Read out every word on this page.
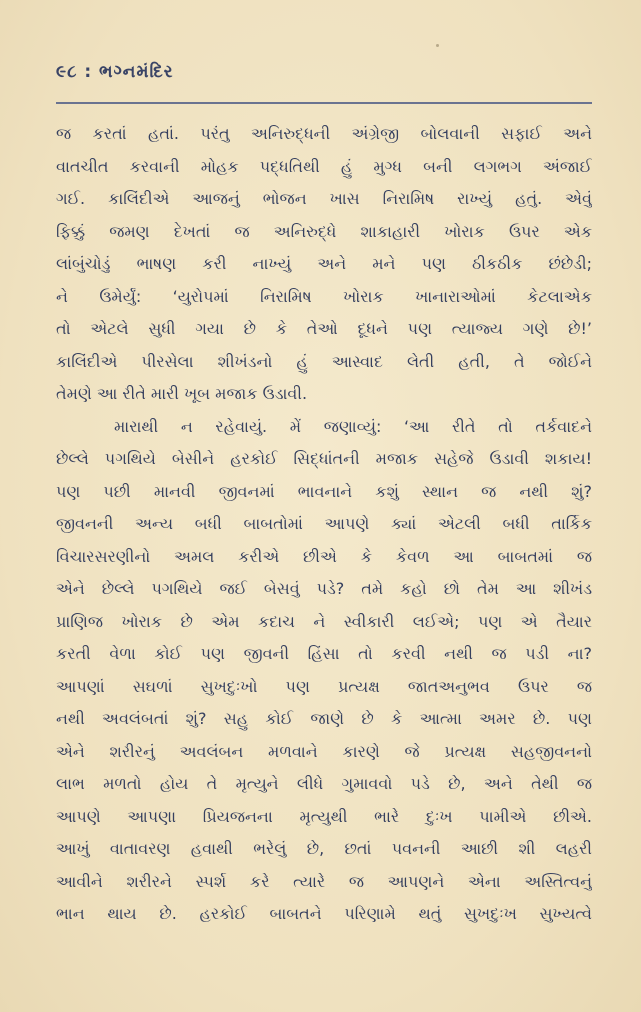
૯૮ : ભગ્નમંદિર
જ કરતાં હતાં. પરંતુ અનિરુદ્ધની અંગ્રેજી બોલવાની સફાઈ અને
વાતચીત કરવાની મોહક પદ્ધતિથી હું મુગ્ધ બની લગભગ અંજાઈ
ગઈ. કાલિંદીએ આજનું ભોજન ખાસ નિરામિષ રાખ્યું હતું. એવું
ફિક્કું જમણ દેખતાં જ અનિરુદ્ધે શાકાહારી ખોરાક ઉપર એક
લાંબુંચોડું ભાષણ કરી નાખ્યું અને મને પણ ઠીકઠીક છંછેડી;
ને ઉમેર્યું: ‘યુરોપમાં નિરામિષ ખોરાક ખાનારાઓમાં કેટલાએક
તો એટલે સુધી ગયા છે કે તેઓ દૂધને પણ ત્યાજ્ય ગણે છે!’
કાલિંદીએ પીરસેલા શીખંડનો હું આસ્વાદ લેતી હતી, તે જોઈને
તેમણે આ રીતે મારી ખૂબ મજાક ઉડાવી.
મારાથી ન રહેવાયું. મેં જણાવ્યું: ‘આ રીતે તો તર્કવાદને
છેલ્લે પગથિયે બેસીને હરકોઈ સિદ્ધાંતની મજાક સહેજે ઉડાવી શકાય!
પણ પછી માનવી જીવનમાં ભાવનાને કશું સ્થાન જ નથી શું?
જીવનની અન્ય બધી બાબતોમાં આપણે ક્યાં એટલી બધી તાર્કિક
વિચારસરણીનો અમલ કરીએ છીએ કે કેવળ આ બાબતમાં જ
એને છેલ્લે પગથિયે જઈ બેસવું પડે? તમે કહો છો તેમ આ શીખંડ
પ્રાણિજ ખોરાક છે એમ કદાચ ને સ્વીકારી લઈએ; પણ એ તૈયાર
કરતી વેળા કોઈ પણ જીવની હિંસા તો કરવી નથી જ પડી ના?
આપણાં સઘળાં સુખદુઃખો પણ પ્રત્યક્ષ જાતઅનુભવ ઉપર જ
નથી અવલંબતાં શું? સહુ કોઈ જાણે છે કે આત્મા અમર છે. પણ
એને શરીરનું અવલંબન મળવાને કારણે જે પ્રત્યક્ષ સહજીવનનો
લાભ મળતો હોય તે મૃત્યુને લીધે ગુમાવવો પડે છે, અને તેથી જ
આપણે આપણા પ્રિયજનના મૃત્યુથી ભારે દુઃખ પામીએ છીએ.
આખું વાતાવરણ હવાથી ભરેલું છે, છતાં પવનની આછી શી લહરી
આવીને શરીરને સ્પર્શ કરે ત્યારે જ આપણને એના અસ્તિત્વનું
ભાન થાય છે. હરકોઈ બાબતને પરિણામે થતું સુખદુઃખ સુખ્યત્વે
